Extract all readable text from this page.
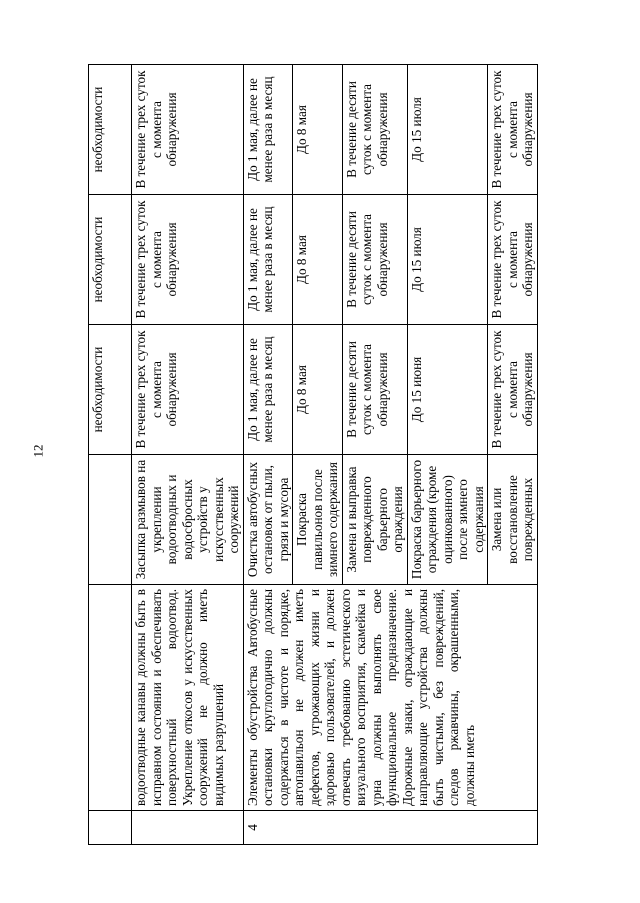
12
			необходимости	необходимости	необходимости
	водоотводные канавы должны быть в исправном состоянии и обеспечивать поверхностный водоотвод. Укрепление откосов у искусственных сооружений не должно иметь видимых разрушений	Засыпка размывов на укреплении водоотводных и водосбросных устройств у искусственных сооружений	В течение трех суток с момента обнаружения	В течение трех суток с момента обнаружения	В течение трех суток с момента обнаружения
4	Элементы обустройства Автобусные остановки круглогодично должны содержаться в чистоте и порядке, автопавильон не должен иметь дефектов, угрожающих жизни и здоровью пользователей, и должен отвечать требованию эстетического визуального восприятия, скамейка и урна должны выполнять свое функциональное предназначение. Дорожные знаки, ограждающие и направляющие устройства должны быть чистыми, без повреждений, следов ржавчины, окрашенными, должны иметь	Очистка автобусных остановок от пыли, грязи и мусора	До 1 мая, далее не менее раза в месяц	До 1 мая, далее не менее раза в месяц	До 1 мая, далее не менее раза в месяц
		Покраска павильонов после зимнего содержания	До 8 мая	До 8 мая	До 8 мая
		Замена и выправка поврежденного барьерного ограждения	В течение десяти суток с момента обнаружения	В течение десяти суток с момента обнаружения	В течение десяти суток с момента обнаружения
		Покраска барьерного ограждения (кроме оцинкованного) после зимнего содержания	До 15 июня	До 15 июля	До 15 июля
		Замена или восстановление поврежденных	В течение трех суток с момента обнаружения	В течение трех суток с момента обнаружения	В течение трех суток с момента обнаружения
